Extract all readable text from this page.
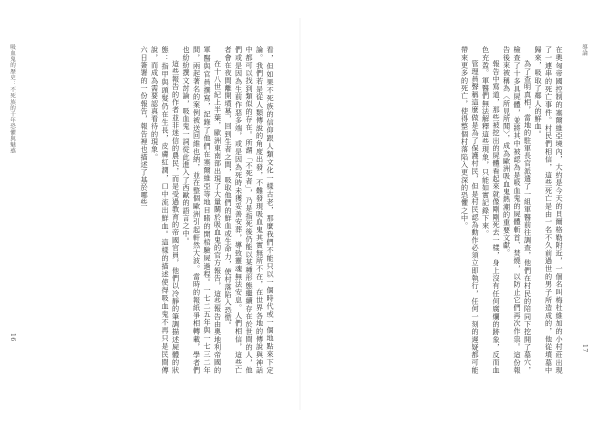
吸血鬼的歷史：不死族的千年恐懼與魅惑	看，但如果不死族的信仰跟人類文化一樣古老，那麼我們不能只以一個時代或一個地點來下定論。我們若是從人類傳說的角度出發，不難發現吸血鬼其實無所不在，在世界各地的傳說與神話中都可以找到類似的存在。所謂「不死者」，乃是指死後仍能以某種形態繼續存在於世間的人，他們或是因為生前作惡多端，或是因為死時未獲妥善安葬，導致靈魂無法安息。人們相信，這些亡者會在夜間離開墳墓，回到生者之間，吸取他們的鮮血或生命力，使村落陷入恐慌。

在十八世紀上半葉，歐洲東南部出現了大量關於吸血鬼的官方報告，這些報告由奧地利帝國的軍醫與官員撰寫，記錄了他們在塞爾維亞等地目睹的開棺驗屍過程。一七二五年與一七三二年間，兩起著名的案例被送回維也納，並在整個歐洲引起軒然大波。當時的報紙爭相轉載，學者們也紛紛撰文討論，吸血鬼一詞從此進入了西歐的語言之中。

這些報告的作者並非迷信的農民，而是受過教育的帝國官員，他們以冷靜的筆調描述屍體的狀態：指甲與頭髮仍在生長，皮膚紅潤，口中流出鮮血。這樣的描述使得吸血鬼不再只是民間傳說，而成為需要認真看待的現象。

六日簽署的一份報告，報告裡也描述了基於哪些

16
導論

在奧匈帝國控制的塞爾維亞境內，大約是今天的貝爾格勒附近，一個名叫梅杜維加的小村莊出現了一連串的死亡事件。村民們相信，這些死亡是由一名不久前過世的男子所造成的，他從墳墓中歸來，吸取了鄰人的鮮血。

為了查明真相，當地的駐軍長官派遣了一組軍醫前往調查，他們在村民的陪同下挖開了墓穴，檢查了十多具屍體，並將其中被認為是吸血鬼的屍體斬首、焚燒，以防止它們再次作祟。這份報告後來被稱為〈所見所聞〉，成為歐洲吸血鬼熱潮的重要文獻。

報告中寫道，那些被挖出的屍體看起來就像剛剛死去一樣，身上沒有任何腐爛的跡象，反而血色充盈。軍醫們無法解釋這些現象，只能如實記錄下來。

管理員聲稱這麼做是為了保護村民，但是村民認為動作必須立即執行，任何一刻的遲疑都可能帶來更多的死亡，使得整個村落陷入更深的恐懼之中。

17
